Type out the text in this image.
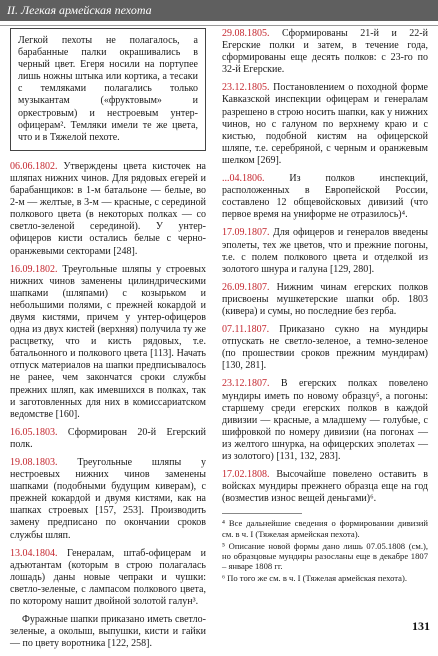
II. Легкая армейская пехота
Легкой пехоты не полагалось, а барабанные палки окрашивались в черный цвет. Егеря носили на портупее лишь ножны штыка или кортика, а тесаки с темляками полагались только музыкантам («фруктовым» и оркестровым) и нестроевым унтер-офицерам². Темляки имели те же цвета, что и в Тяжелой пехоте.
06.06.1802. Утверждены цвета кисточек на шляпах нижних чинов. Для рядовых егерей и барабанщиков: в 1-м батальоне — белые, во 2-м — желтые, в 3-м — красные, с серединой полкового цвета (в некоторых полках — со светло-зеленой серединой). У унтер-офицеров кисти остались белые с черно-оранжевыми секторами [248].
16.09.1802. Треугольные шляпы у строевых нижних чинов заменены цилиндрическими шапками (шляпами) с козырьком и небольшими полями, с прежней кокардой и двумя кистями, причем у унтер-офицеров одна из двух кистей (верхняя) получила ту же расцветку, что и кисть рядовых, т.е. батальонного и полкового цвета [113]. Начать отпуск материалов на шапки предписывалось не ранее, чем закончатся сроки службы прежних шляп, как имевшихся в полках, так и заготовленных для них в комиссариатском ведомстве [160].
16.05.1803. Сформирован 20-й Егерский полк.
19.08.1803. Треугольные шляпы у нестроевых нижних чинов заменены шапками (подобными будущим киверам), с прежней кокардой и двумя кистями, как на шапках строевых [157, 253]. Производить замену предписано по окончании сроков службы шляп.
13.04.1804. Генералам, штаб-офицерам и адъютантам (которым в строю полагалась лошадь) даны новые чепраки и чушки: светло-зеленые, с лампасом полкового цвета, по которому нашит двойной золотой галун³.
Фуражные шапки приказано иметь светло-зеленые, а околыш, выпушки, кисти и гайки — по цвету воротника [122, 258].
29.08.1805. Сформированы 21-й и 22-й Егерские полки и затем, в течение года, сформированы еще десять полков: с 23-го по 32-й Егерские.
23.12.1805. Постановлением о походной форме Кавказской инспекции офицерам и генералам разрешено в строю носить шапки, как у нижних чинов, но с галуном по верхнему краю и с кистью, подобной кистям на офицерской шляпе, т.е. серебряной, с черным и оранжевым шелком [269].
...04.1806. Из полков инспекций, расположенных в Европейской России, составлено 12 общевойсковых дивизий (что первое время на униформе не отразилось)⁴.
17.09.1807. Для офицеров и генералов введены эполеты, тех же цветов, что и прежние погоны, т.е. с полем полкового цвета и отделкой из золотого шнура и галуна [129, 280].
26.09.1807. Нижним чинам егерских полков присвоены мушкетерские шапки обр. 1803 (кивера) и сумы, но последние без герба.
07.11.1807. Приказано сукно на мундиры отпускать не светло-зеленое, а темно-зеленое (по прошествии сроков прежним мундирам) [130, 281].
23.12.1807. В егерских полках повелено мундиры иметь по новому образцу⁵, а погоны: старшему среди егерских полков в каждой дивизии — красные, а младшему — голубые, с шифровкой по номеру дивизии (на погонах — из желтого шнурка, на офицерских эполетах — из золотого) [131, 132, 283].
17.02.1808. Высочайше повелено оставить в войсках мундиры прежнего образца еще на год (возместив износ вещей деньгами)⁶.
⁴ Все дальнейшие сведения о формировании дивизий см. в ч. I (Тяжелая армейская пехота).
⁵ Описание новой формы дано лишь 07.05.1808 (см.), но образцовые мундиры разосланы еще в декабре 1807 – январе 1808 гг.
⁶ По того же см. в ч. I (Тяжелая армейская пехота).
131
